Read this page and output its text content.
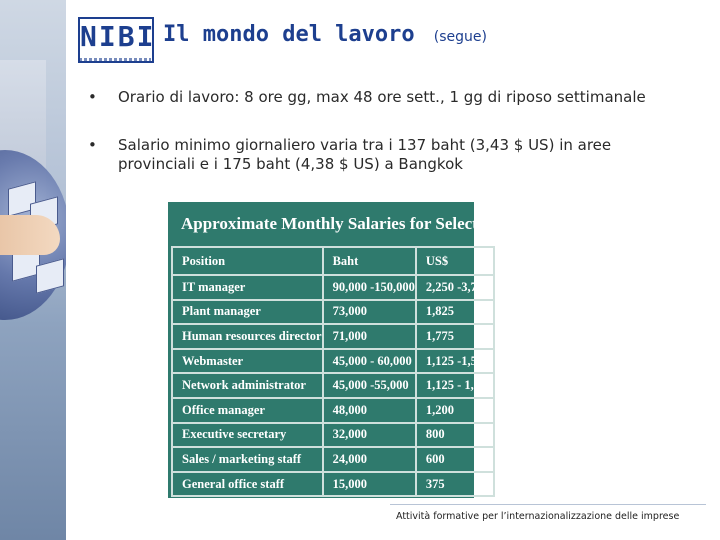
NIBI Il mondo del lavoro (segue)
• Orario di lavoro: 8 ore gg, max 48 ore sett., 1 gg di riposo settimanale
• Salario minimo giornaliero varia tra i 137 baht (3,43 $ US) in aree provinciali e i 175 baht (4,38 $ US) a Bangkok
Approximate Monthly Salaries for Selected Positions
Position	Baht	US$
IT manager	90,000 -150,000	2,250 -3,750
Plant manager	73,000	1,825
Human resources director	71,000	1,775
Webmaster	45,000 - 60,000	1,125 -1,500
Network administrator	45,000 -55,000	1,125 - 1,375
Office manager	48,000	1,200
Executive secretary	32,000	800
Sales / marketing staff	24,000	600
General office staff	15,000	375
Attività formative per l’internazionalizzazione delle imprese
